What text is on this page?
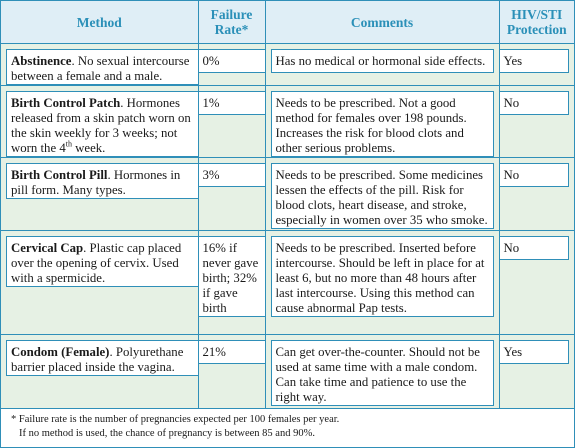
Method	Failure Rate*	Comments	HIV/STI Protection

Abstinence. No sexual intercourse between a female and a male.	0%	Has no medical or hormonal side effects.	Yes

Birth Control Patch. Hormones released from a skin patch worn on the skin weekly for 3 weeks; not worn the 4th week.	1%	Needs to be prescribed. Not a good method for females over 198 pounds. Increases the risk for blood clots and other serious problems.	No

Birth Control Pill. Hormones in pill form. Many types.	3%	Needs to be prescribed. Some medicines lessen the effects of the pill. Risk for blood clots, heart disease, and stroke, especially in women over 35 who smoke.	No

Cervical Cap. Plastic cap placed over the opening of cervix. Used with a spermicide.	16% if never gave birth; 32% if gave birth	Needs to be prescribed. Inserted before intercourse. Should be left in place for at least 6, but no more than 48 hours after last intercourse. Using this method can cause abnormal Pap tests.	No

Condom (Female). Polyurethane barrier placed inside the vagina.	21%	Can get over-the-counter. Should not be used at same time with a male condom. Can take time and patience to use the right way.	Yes
* Failure rate is the number of pregnancies expected per 100 females per year.
If no method is used, the chance of pregnancy is between 85 and 90%.
